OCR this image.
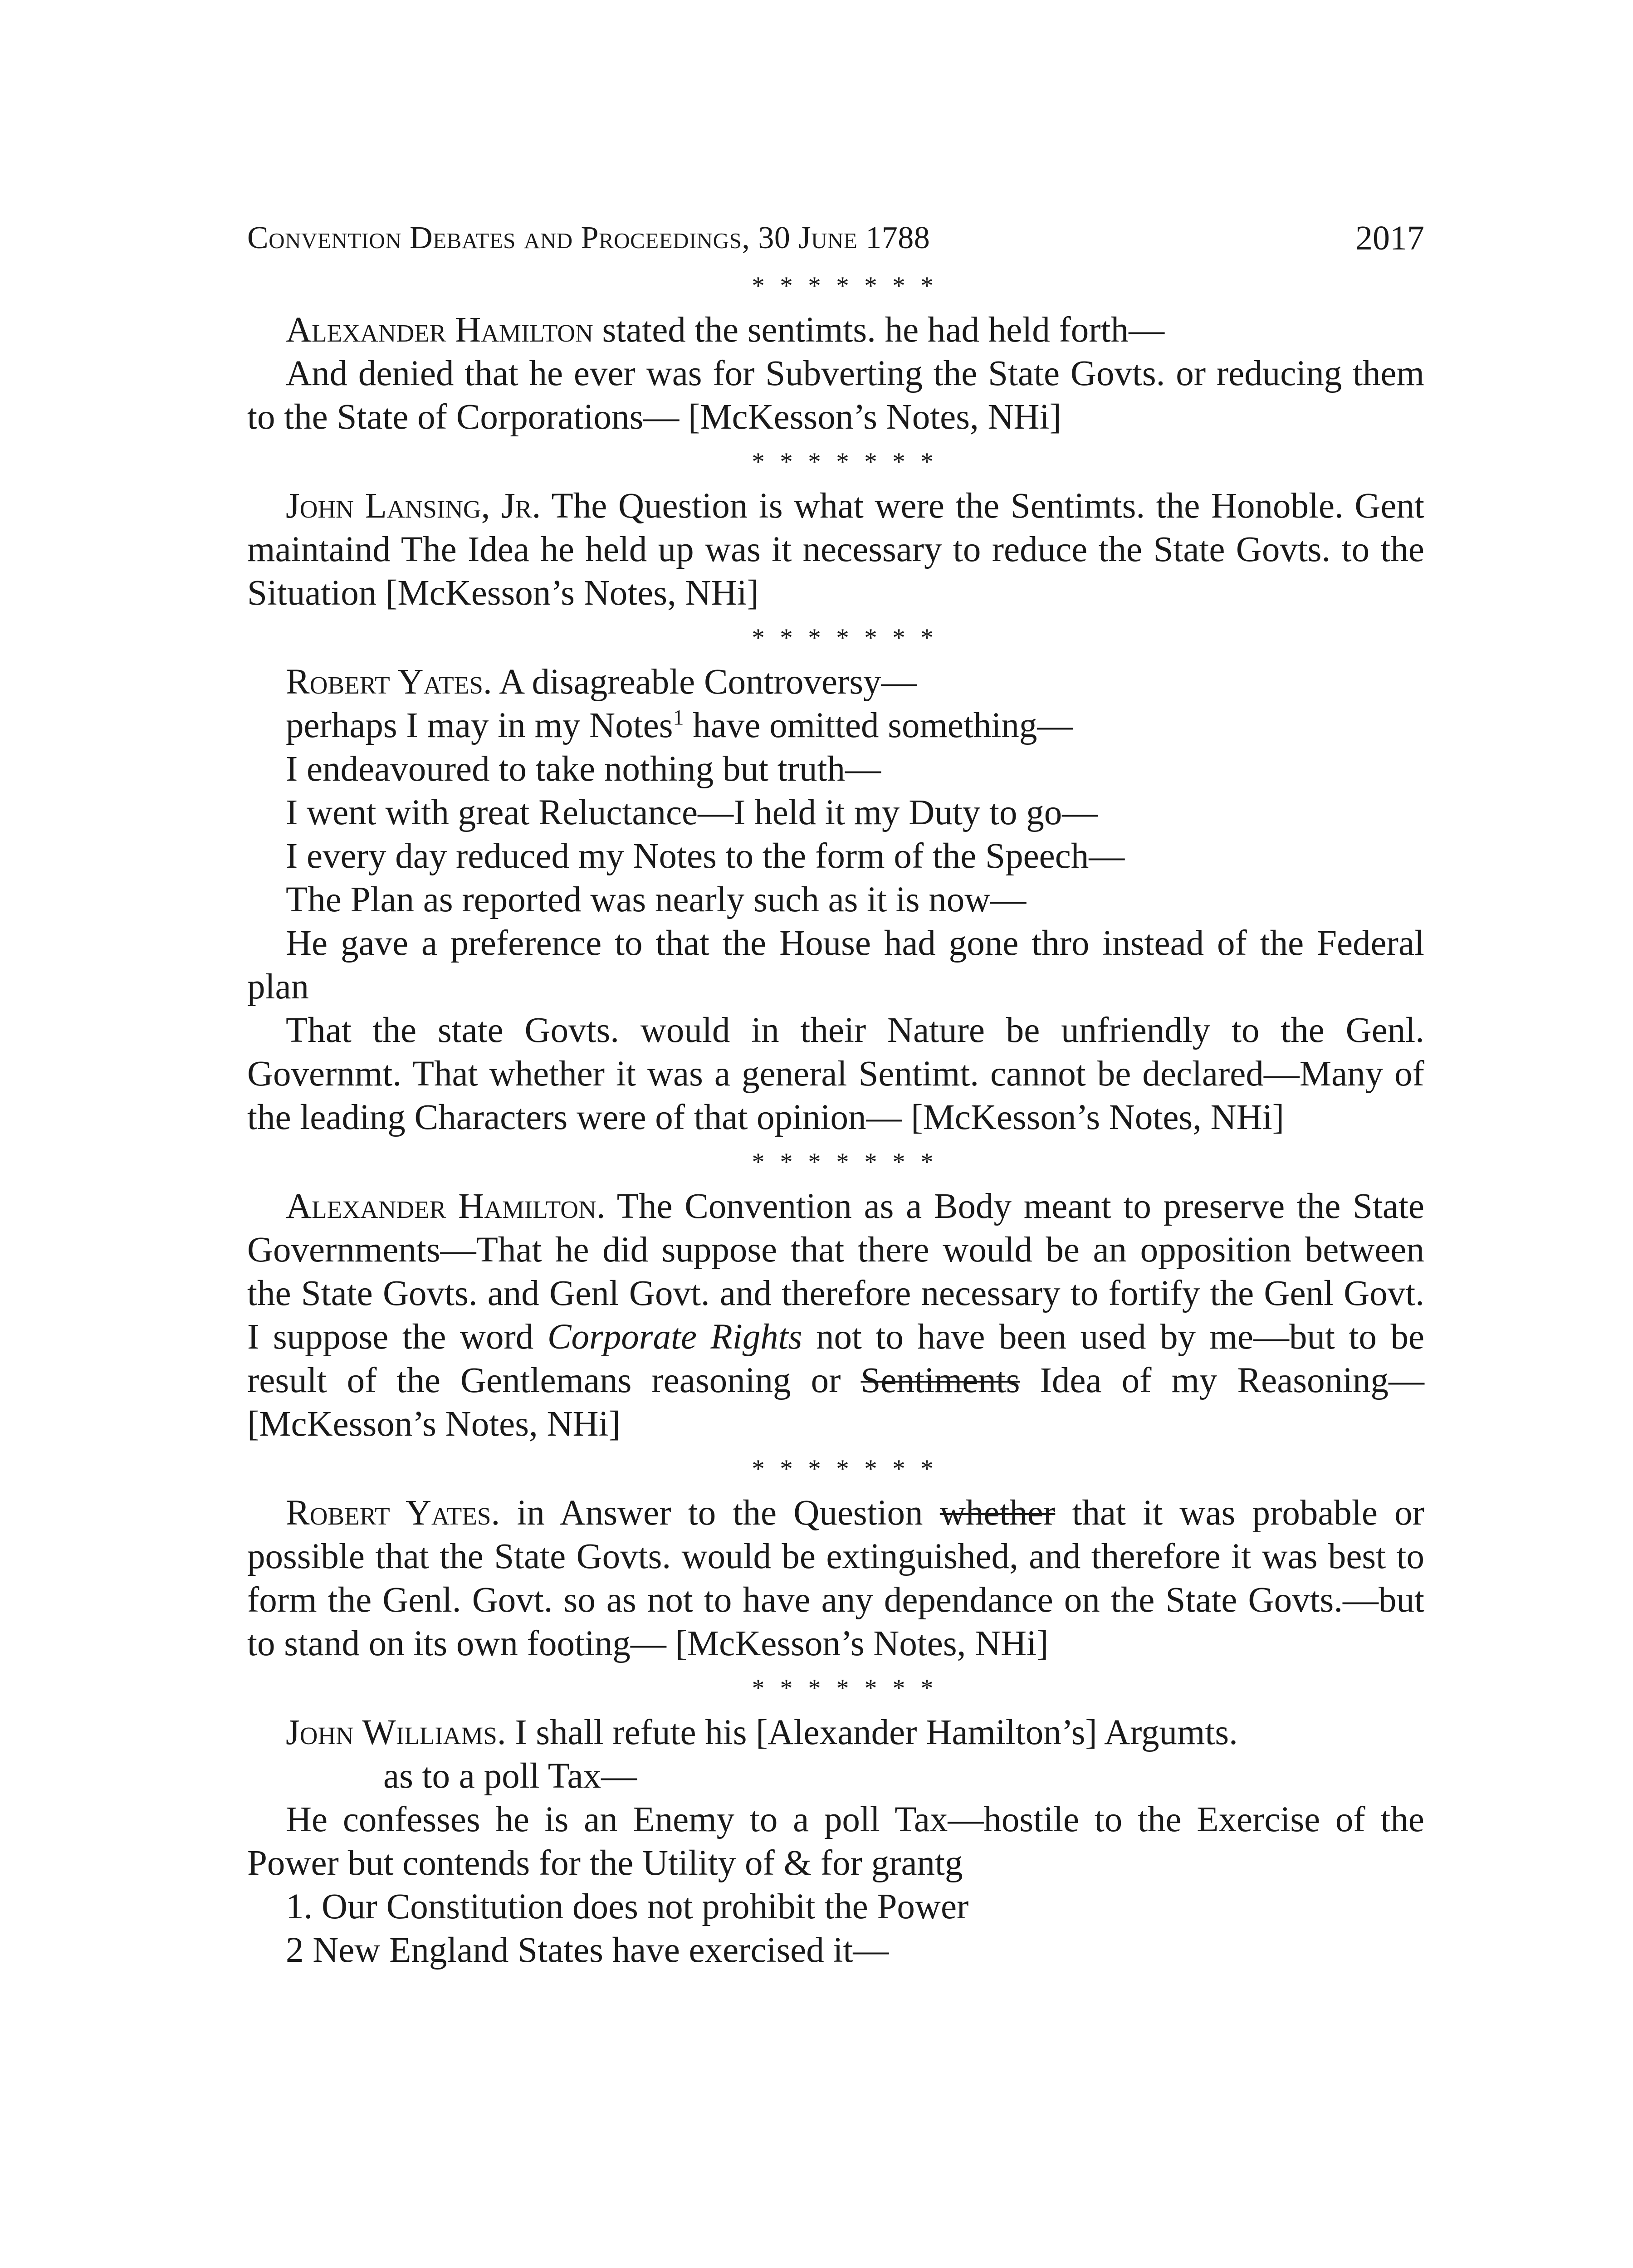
Convention Debates and Proceedings, 30 June 1788	2017
* * * * * * *

Alexander Hamilton stated the sentimts. he had held forth—

And denied that he ever was for Subverting the State Govts. or reducing them to the State of Corporations— [McKesson’s Notes, NHi]

* * * * * * *

John Lansing, Jr. The Question is what were the Sentimts. the Honoble. Gent maintaind The Idea he held up was it necessary to reduce the State Govts. to the Situation [McKesson’s Notes, NHi]

* * * * * * *

Robert Yates. A disagreable Controversy—

perhaps I may in my Notes$^1$ have omitted something—

I endeavoured to take nothing but truth—

I went with great Reluctance—I held it my Duty to go—

I every day reduced my Notes to the form of the Speech—

The Plan as reported was nearly such as it is now—

He gave a preference to that the House had gone thro instead of the Federal plan

That the state Govts. would in their Nature be unfriendly to the Genl. Governmt. That whether it was a general Sentimt. cannot be declared—Many of the leading Characters were of that opinion— [McKesson’s Notes, NHi]

* * * * * * *

Alexander Hamilton. The Convention as a Body meant to preserve the State Governments—That he did suppose that there would be an opposition between the State Govts. and Genl Govt. and therefore necessary to fortify the Genl Govt. I suppose the word Corporate Rights not to have been used by me—but to be result of the Gentlemans reasoning or Sentiments Idea of my Reasoning— [McKesson’s Notes, NHi]

* * * * * * *

Robert Yates. in Answer to the Question whether that it was probable or possible that the State Govts. would be extinguished, and therefore it was best to form the Genl. Govt. so as not to have any dependance on the State Govts.—but to stand on its own footing— [McKesson’s Notes, NHi]

* * * * * * *

John Williams. I shall refute his [Alexander Hamilton’s] Argumts.

as to a poll Tax—

He confesses he is an Enemy to a poll Tax—hostile to the Exercise of the Power but contends for the Utility of & for grantg

1. Our Constitution does not prohibit the Power

2 New England States have exercised it—
